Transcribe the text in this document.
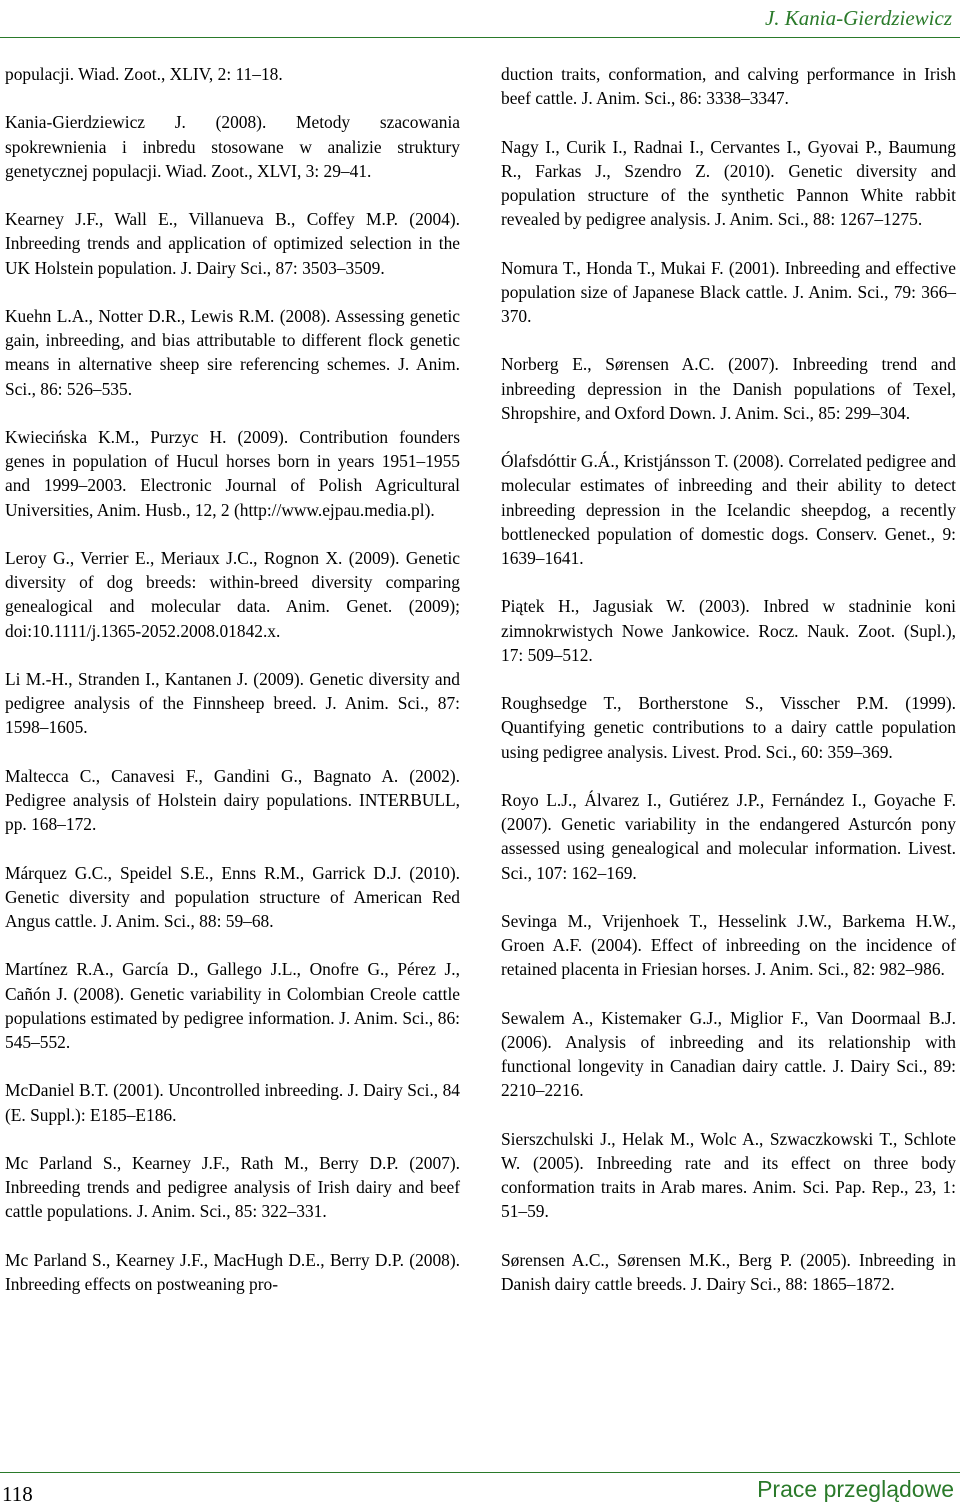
J. Kania-Gierdziewicz

populacji. Wiad. Zoot., XLIV, 2: 11–18.

Kania-Gierdziewicz J. (2008). Metody szacowania spokrewnienia i inbredu stosowane w analizie struktury genetycznej populacji. Wiad. Zoot., XLVI, 3: 29–41.

Kearney J.F., Wall E., Villanueva B., Coffey M.P. (2004). Inbreeding trends and application of optimized selection in the UK Holstein population. J. Dairy Sci., 87: 3503–3509.

Kuehn L.A., Notter D.R., Lewis R.M. (2008). Assessing genetic gain, inbreeding, and bias attributable to different flock genetic means in alternative sheep sire referencing schemes. J. Anim. Sci., 86: 526–535.

Kwiecińska K.M., Purzyc H. (2009). Contribution founders genes in population of Hucul horses born in years 1951–1955 and 1999–2003. Electronic Journal of Polish Agricultural Universities, Anim. Husb., 12, 2 (http://www.ejpau.media.pl).

Leroy G., Verrier E., Meriaux J.C., Rognon X. (2009). Genetic diversity of dog breeds: within-breed diversity comparing genealogical and molecular data. Anim. Genet. (2009); doi:10.1111/j.1365-2052.2008.01842.x.

Li M.-H., Stranden I., Kantanen J. (2009). Genetic diversity and pedigree analysis of the Finnsheep breed. J. Anim. Sci., 87: 1598–1605.

Maltecca C., Canavesi F., Gandini G., Bagnato A. (2002). Pedigree analysis of Holstein dairy populations. INTERBULL, pp. 168–172.

Márquez G.C., Speidel S.E., Enns R.M., Garrick D.J. (2010). Genetic diversity and population structure of American Red Angus cattle. J. Anim. Sci., 88: 59–68.

Martínez R.A., García D., Gallego J.L., Onofre G., Pérez J., Cañón J. (2008). Genetic variability in Colombian Creole cattle populations estimated by pedigree information. J. Anim. Sci., 86: 545–552.

McDaniel B.T. (2001). Uncontrolled inbreeding. J. Dairy Sci., 84 (E. Suppl.): E185–E186.

Mc Parland S., Kearney J.F., Rath M., Berry D.P. (2007). Inbreeding trends and pedigree analysis of Irish dairy and beef cattle populations. J. Anim. Sci., 85: 322–331.

Mc Parland S., Kearney J.F., MacHugh D.E., Berry D.P. (2008). Inbreeding effects on postweaning pro-

duction traits, conformation, and calving performance in Irish beef cattle. J. Anim. Sci., 86: 3338–3347.

Nagy I., Curik I., Radnai I., Cervantes I., Gyovai P., Baumung R., Farkas J., Szendro Z. (2010). Genetic diversity and population structure of the synthetic Pannon White rabbit revealed by pedigree analysis. J. Anim. Sci., 88: 1267–1275.

Nomura T., Honda T., Mukai F. (2001). Inbreeding and effective population size of Japanese Black cattle. J. Anim. Sci., 79: 366–370.

Norberg E., Sørensen A.C. (2007). Inbreeding trend and inbreeding depression in the Danish populations of Texel, Shropshire, and Oxford Down. J. Anim. Sci., 85: 299–304.

Ólafsdóttir G.Á., Kristjánsson T. (2008). Correlated pedigree and molecular estimates of inbreeding and their ability to detect inbreeding depression in the Icelandic sheepdog, a recently bottlenecked population of domestic dogs. Conserv. Genet., 9: 1639–1641.

Piątek H., Jagusiak W. (2003). Inbred w stadninie koni zimnokrwistych Nowe Jankowice. Rocz. Nauk. Zoot. (Supl.), 17: 509–512.

Roughsedge T., Bortherstone S., Visscher P.M. (1999). Quantifying genetic contributions to a dairy cattle population using pedigree analysis. Livest. Prod. Sci., 60: 359–369.

Royo L.J., Álvarez I., Gutiérez J.P., Fernández I., Goyache F. (2007). Genetic variability in the endangered Asturcón pony assessed using genealogical and molecular information. Livest. Sci., 107: 162–169.

Sevinga M., Vrijenhoek T., Hesselink J.W., Barkema H.W., Groen A.F. (2004). Effect of inbreeding on the incidence of retained placenta in Friesian horses. J. Anim. Sci., 82: 982–986.

Sewalem A., Kistemaker G.J., Miglior F., Van Doormaal B.J. (2006). Analysis of inbreeding and its relationship with functional longevity in Canadian dairy cattle. J. Dairy Sci., 89: 2210–2216.

Sierszchulski J., Helak M., Wolc A., Szwaczkowski T., Schlote W. (2005). Inbreeding rate and its effect on three body conformation traits in Arab mares. Anim. Sci. Pap. Rep., 23, 1: 51–59.

Sørensen A.C., Sørensen M.K., Berg P. (2005). Inbreeding in Danish dairy cattle breeds. J. Dairy Sci., 88: 1865–1872.

118	Prace przeglądowe
